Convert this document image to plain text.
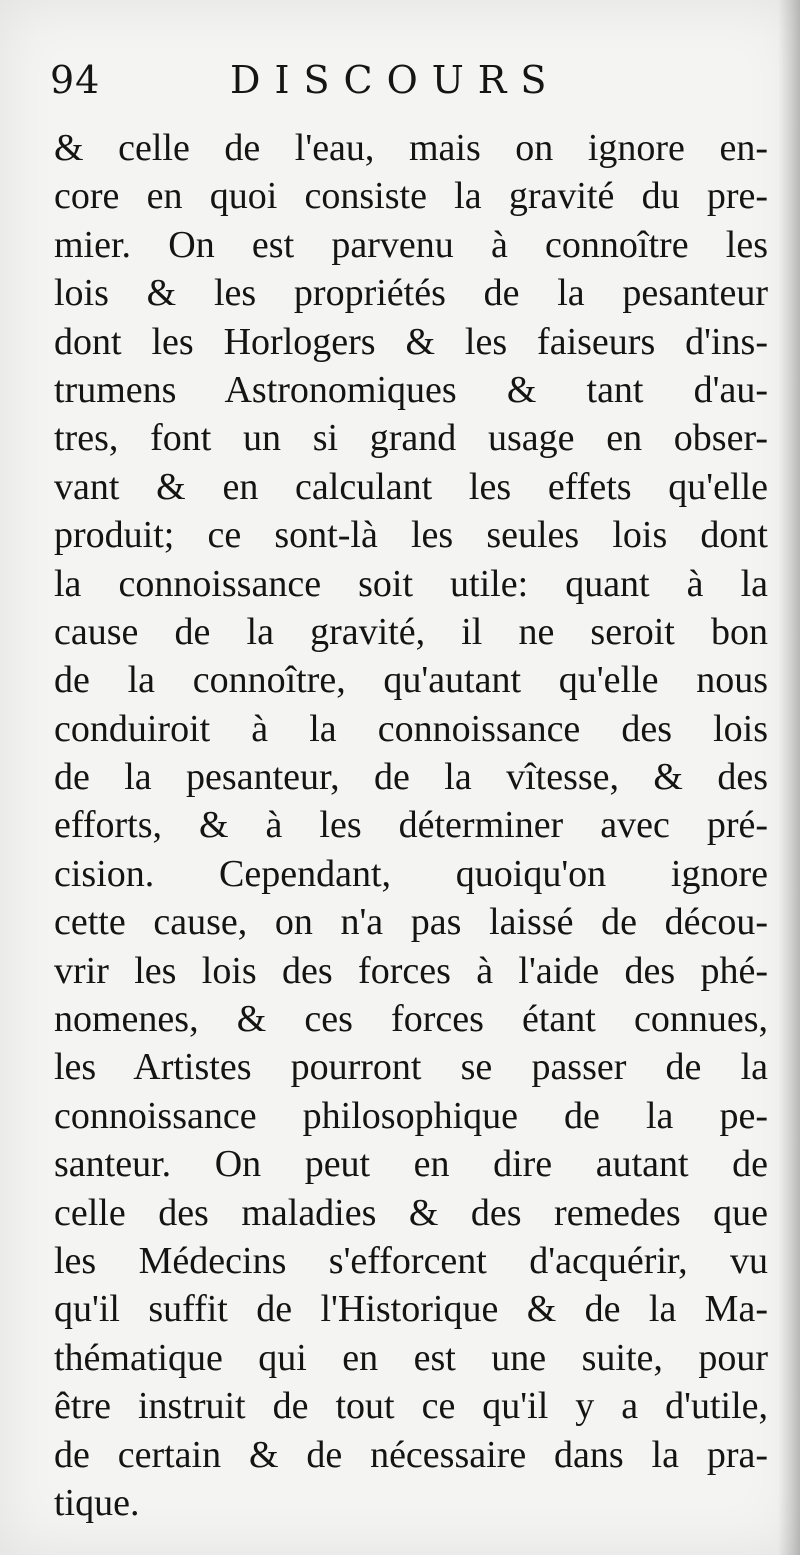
94	DISCOURS
& celle de l'eau, mais on ignore en-
core en quoi consiste la gravité du pre-
mier. On est parvenu à connoître les
lois & les propriétés de la pesanteur
dont les Horlogers & les faiseurs d'ins-
trumens Astronomiques & tant d'au-
tres, font un si grand usage en obser-
vant & en calculant les effets qu'elle
produit; ce sont-là les seules lois dont
la connoissance soit utile: quant à la
cause de la gravité, il ne seroit bon
de la connoître, qu'autant qu'elle nous
conduiroit à la connoissance des lois
de la pesanteur, de la vîtesse, & des
efforts, & à les déterminer avec pré-
cision. Cependant, quoiqu'on ignore
cette cause, on n'a pas laissé de décou-
vrir les lois des forces à l'aide des phé-
nomenes, & ces forces étant connues,
les Artistes pourront se passer de la
connoissance philosophique de la pe-
santeur. On peut en dire autant de
celle des maladies & des remedes que
les Médecins s'efforcent d'acquérir, vu
qu'il suffit de l'Historique & de la Ma-
thématique qui en est une suite, pour
être instruit de tout ce qu'il y a d'utile,
de certain & de nécessaire dans la pra-
tique.
